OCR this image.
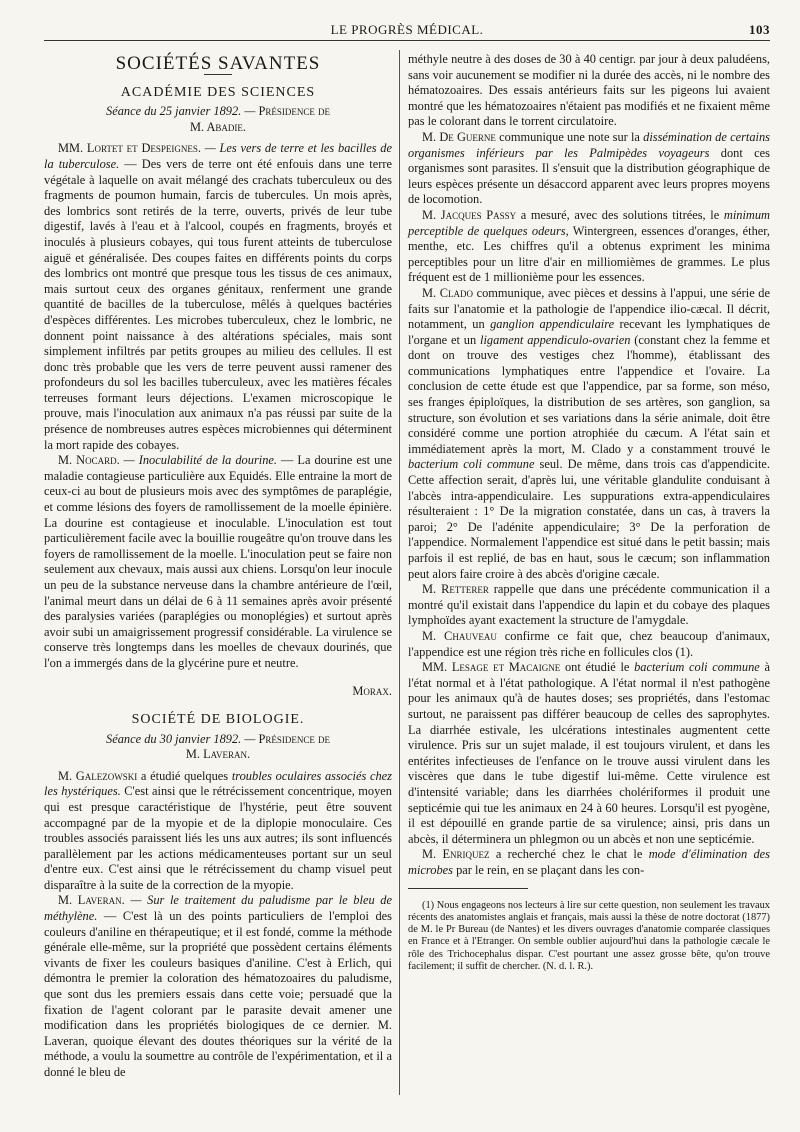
LE PROGRÈS MÉDICAL.	103
SOCIÉTÉS SAVANTES
ACADÉMIE DES SCIENCES

Séance du 25 janvier 1892. — Présidence de

M. Abadie.

MM. Lortet et Despeignes. — Les vers de terre et les bacilles de la tuberculose. — Des vers de terre ont été enfouis dans une terre végétale à laquelle on avait mélangé des crachats tuberculeux ou des fragments de poumon humain, farcis de tubercules. Un mois après, des lombrics sont retirés de la terre, ouverts, privés de leur tube digestif, lavés à l'eau et à l'alcool, coupés en fragments, broyés et inoculés à plusieurs cobayes, qui tous furent atteints de tuberculose aiguë et généralisée. Des coupes faites en différents points du corps des lombrics ont montré que presque tous les tissus de ces animaux, mais surtout ceux des organes génitaux, renferment une grande quantité de bacilles de la tuberculose, mêlés à quelques bactéries d'espèces différentes. Les microbes tuberculeux, chez le lombric, ne donnent point naissance à des altérations spéciales, mais sont simplement infiltrés par petits groupes au milieu des cellules. Il est donc très probable que les vers de terre peuvent aussi ramener des profondeurs du sol les bacilles tuberculeux, avec les matières fécales terreuses formant leurs déjections. L'examen microscopique le prouve, mais l'inoculation aux animaux n'a pas réussi par suite de la présence de nombreuses autres espèces microbiennes qui déterminent la mort rapide des cobayes.

M. Nocard. — Inoculabilité de la dourine. — La dourine est une maladie contagieuse particulière aux Equidés. Elle entraine la mort de ceux-ci au bout de plusieurs mois avec des symptômes de paraplégie, et comme lésions des foyers de ramollissement de la moelle épinière. La dourine est contagieuse et inoculable. L'inoculation est tout particulièrement facile avec la bouillie rougeâtre qu'on trouve dans les foyers de ramollissement de la moelle. L'inoculation peut se faire non seulement aux chevaux, mais aussi aux chiens. Lorsqu'on leur inocule un peu de la substance nerveuse dans la chambre antérieure de l'œil, l'animal meurt dans un délai de 6 à 11 semaines après avoir présenté des paralysies variées (paraplégies ou monoplégies) et surtout après avoir subi un amaigrissement progressif considérable. La virulence se conserve très longtemps dans les moelles de chevaux dourinés, que l'on a immergés dans de la glycérine pure et neutre.

Morax.

SOCIÉTÉ DE BIOLOGIE.

Séance du 30 janvier 1892. — Présidence de

M. Laveran.

M. Galezowski a étudié quelques troubles oculaires associés chez les hystériques. C'est ainsi que le rétrécissement concentrique, moyen qui est presque caractéristique de l'hystérie, peut être souvent accompagné par de la myopie et de la diplopie monoculaire. Ces troubles associés paraissent liés les uns aux autres; ils sont influencés parallèlement par les actions médicamenteuses portant sur un seul d'entre eux. C'est ainsi que le rétrécissement du champ visuel peut disparaître à la suite de la correction de la myopie.

M. Laveran. — Sur le traitement du paludisme par le bleu de méthylène. — C'est là un des points particuliers de l'emploi des couleurs d'aniline en thérapeutique; et il est fondé, comme la méthode générale elle-même, sur la propriété que possèdent certains éléments vivants de fixer les couleurs basiques d'aniline. C'est à Erlich, qui démontra le premier la coloration des hématozoaires du paludisme, que sont dus les premiers essais dans cette voie; persuadé que la fixation de l'agent colorant par le parasite devait amener une modification dans les propriétés biologiques de ce dernier. M. Laveran, quoique élevant des doutes théoriques sur la vérité de la méthode, a voulu la soumettre au contrôle de l'expérimentation, et il a donné le bleu de

méthyle neutre à des doses de 30 à 40 centigr. par jour à deux paludéens, sans voir aucunement se modifier ni la durée des accès, ni le nombre des hématozoaires. Des essais antérieurs faits sur les pigeons lui avaient montré que les hématozoaires n'étaient pas modifiés et ne fixaient même pas le colorant dans le torrent circulatoire.

M. De Guerne communique une note sur la dissémination de certains organismes inférieurs par les Palmipèdes voyageurs dont ces organismes sont parasites. Il s'ensuit que la distribution géographique de leurs espèces présente un désaccord apparent avec leurs propres moyens de locomotion.

M. Jacques Passy a mesuré, avec des solutions titrées, le minimum perceptible de quelques odeurs, Wintergreen, essences d'oranges, éther, menthe, etc. Les chiffres qu'il a obtenus expriment les minima perceptibles pour un litre d'air en milliomièmes de grammes. Le plus fréquent est de 1 millionième pour les essences.

M. Clado communique, avec pièces et dessins à l'appui, une série de faits sur l'anatomie et la pathologie de l'appendice ilio-cæcal. Il décrit, notamment, un ganglion appendiculaire recevant les lymphatiques de l'organe et un ligament appendiculo-ovarien (constant chez la femme et dont on trouve des vestiges chez l'homme), établissant des communications lymphatiques entre l'appendice et l'ovaire. La conclusion de cette étude est que l'appendice, par sa forme, son méso, ses franges épiploïques, la distribution de ses artères, son ganglion, sa structure, son évolution et ses variations dans la série animale, doit être considéré comme une portion atrophiée du cæcum. A l'état sain et immédiatement après la mort, M. Clado y a constamment trouvé le bacterium coli commune seul. De même, dans trois cas d'appendicite. Cette affection serait, d'après lui, une véritable glandulite conduisant à l'abcès intra-appendiculaire. Les suppurations extra-appendiculaires résulteraient : 1° De la migration constatée, dans un cas, à travers la paroi; 2° De l'adénite appendiculaire; 3° De la perforation de l'appendice. Normalement l'appendice est situé dans le petit bassin; mais parfois il est replié, de bas en haut, sous le cæcum; son inflammation peut alors faire croire à des abcès d'origine cæcale.

M. Retterer rappelle que dans une précédente communication il a montré qu'il existait dans l'appendice du lapin et du cobaye des plaques lymphoïdes ayant exactement la structure de l'amygdale.

M. Chauveau confirme ce fait que, chez beaucoup d'animaux, l'appendice est une région très riche en follicules clos (1).

MM. Lesage et Macaigne ont étudié le bacterium coli commune à l'état normal et à l'état pathologique. A l'état normal il n'est pathogène pour les animaux qu'à de hautes doses; ses propriétés, dans l'estomac surtout, ne paraissent pas différer beaucoup de celles des saprophytes. La diarrhée estivale, les ulcérations intestinales augmentent cette virulence. Pris sur un sujet malade, il est toujours virulent, et dans les entérites infectieuses de l'enfance on le trouve aussi virulent dans les viscères que dans le tube digestif lui-même. Cette virulence est d'intensité variable; dans les diarrhées cholériformes il produit une septicémie qui tue les animaux en 24 à 60 heures. Lorsqu'il est pyogène, il est dépouillé en grande partie de sa virulence; ainsi, pris dans un abcès, il déterminera un phlegmon ou un abcès et non une septicémie.

M. Enriquez a recherché chez le chat le mode d'élimination des microbes par le rein, en se plaçant dans les con-

(1) Nous engageons nos lecteurs à lire sur cette question, non seulement les travaux récents des anatomistes anglais et français, mais aussi la thèse de notre doctorat (1877) de M. le Pr Bureau (de Nantes) et les divers ouvrages d'anatomie comparée classiques en France et à l'Etranger. On semble oublier aujourd'hui dans la pathologie cæcale le rôle des Trichocephalus dispar. C'est pourtant une assez grosse bête, qu'on trouve facilement; il suffit de chercher. (N. d. l. R.).
